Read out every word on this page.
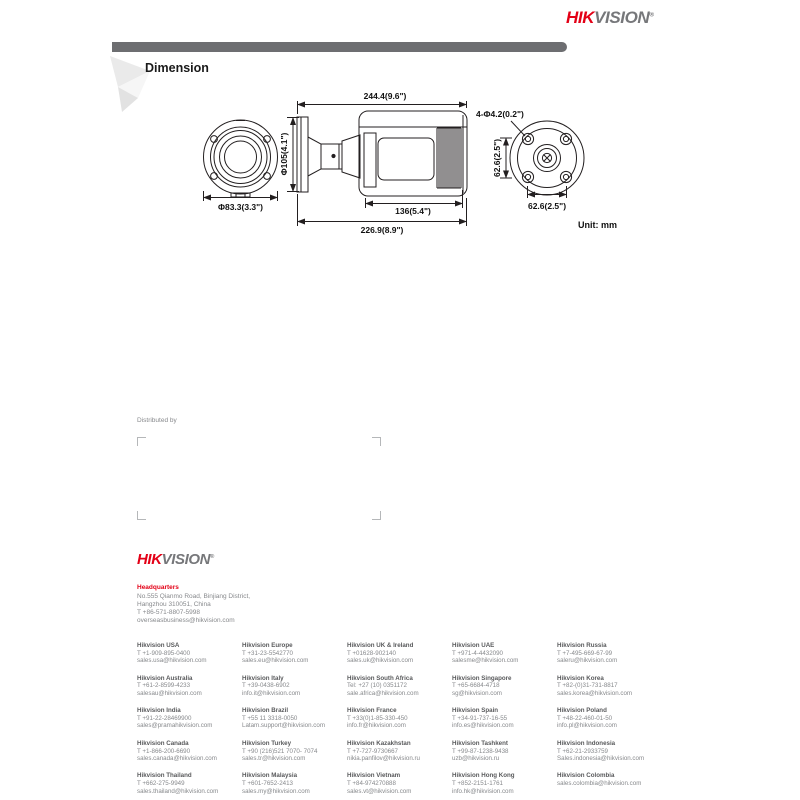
HIKVISION®
Dimension
244.4(9.6")
Φ83.3(3.3")
Φ105(4.1")
136(5.4")
226.9(8.9")
4-Φ4.2(0.2")
62.6(2.5")
62.6(2.5")
Unit: mm
Distributed by
HIKVISION®
Headquarters
No.555 Qianmo Road, Binjiang District,
Hangzhou 310051, China
T +86-571-8807-5998
overseasbusiness@hikvision.com
Hikvision USA
T +1-909-895-0400
sales.usa@hikvision.com
Hikvision Australia
T +61-2-8599-4233
salesau@hikvision.com
Hikvision India
T +91-22-28469900
sales@pramahikvision.com
Hikvision Canada
T +1-866-200-6690
sales.canada@hikvision.com
Hikvision Thailand
T +662-275-9949
sales.thailand@hikvision.com
Hikvision Europe
T +31-23-5542770
sales.eu@hikvision.com
Hikvision Italy
T +39-0438-6902
info.it@hikvision.com
Hikvision Brazil
T +55 11 3318-0050
Latam.support@hikvision.com
Hikvision Turkey
T +90 (216)521 7070- 7074
sales.tr@hikvision.com
Hikvision Malaysia
T +601-7652-2413
sales.my@hikvision.com
Hikvision UK & Ireland
T +01628-902140
sales.uk@hikvision.com
Hikvision South Africa
Tel: +27 (10) 0351172
sale.africa@hikvision.com
Hikvision France
T +33(0)1-85-330-450
info.fr@hikvision.com
Hikvision Kazakhstan
T +7-727-9730667
nikia.panfilov@hikvision.ru
Hikvision Vietnam
T +84-974270888
sales.vt@hikvision.com
Hikvision UAE
T +971-4-4432090
salesme@hikvision.com
Hikvision Singapore
T +65-6684-4718
sg@hikvision.com
Hikvision Spain
T +34-91-737-16-55
info.es@hikvision.com
Hikvision Tashkent
T +99-87-1238-9438
uzb@hikvision.ru
Hikvision Hong Kong
T +852-2151-1761
info.hk@hikvision.com
Hikvision Russia
T +7-495-669-67-99
saleru@hikvision.com
Hikvision Korea
T +82-(0)31-731-8817
sales.korea@hikvision.com
Hikvision Poland
T +48-22-460-01-50
info.pl@hikvision.com
Hikvision Indonesia
T +62-21-2933759
Sales.indonesia@hikvision.com
Hikvision Colombia
sales.colombia@hikvision.com
